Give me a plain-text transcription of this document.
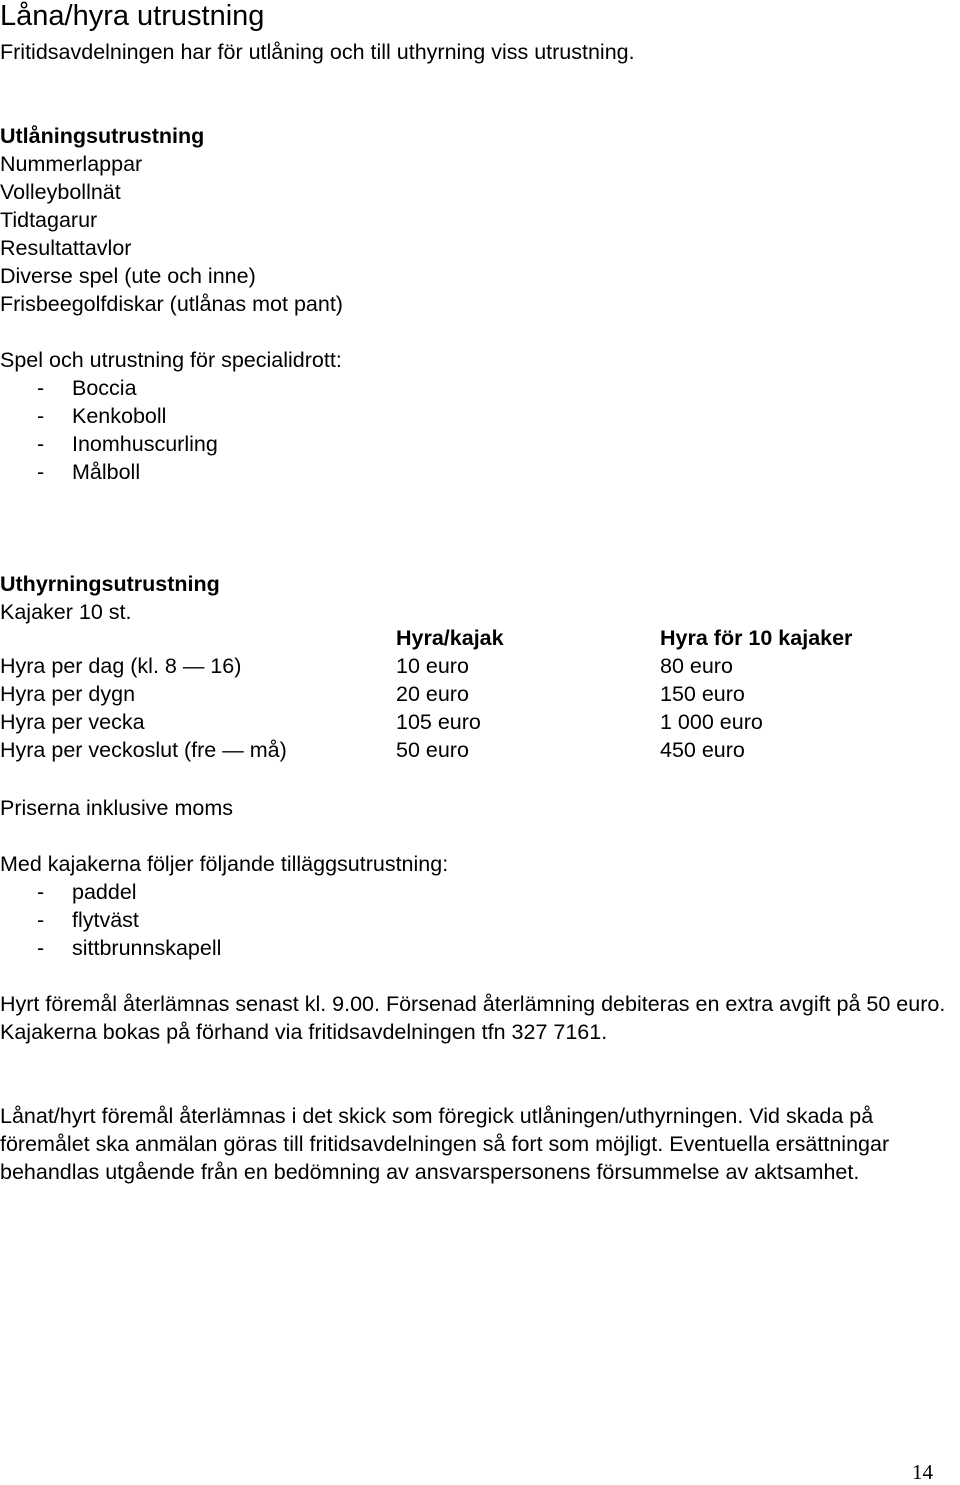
Låna/hyra utrustning
Fritidsavdelningen har för utlåning och till uthyrning viss utrustning.
Utlåningsutrustning
Nummerlappar
Volleybollnät
Tidtagarur
Resultattavlor
Diverse spel (ute och inne)
Frisbeegolfdiskar (utlånas mot pant)
Spel och utrustning för specialidrott:
- Boccia
- Kenkoboll
- Inomhuscurling
- Målboll
Uthyrningsutrustning
Kajaker 10 st.
	Hyra/kajak	Hyra för 10 kajaker
Hyra per dag (kl. 8 — 16)	10 euro	80 euro
Hyra per dygn	20 euro	150 euro
Hyra per vecka	105 euro	1 000 euro
Hyra per veckoslut (fre — må)	50 euro	450 euro
Priserna inklusive moms
Med kajakerna följer följande tilläggsutrustning:
- paddel
- flytväst
- sittbrunnskapell
Hyrt föremål återlämnas senast kl. 9.00. Försenad återlämning debiteras en extra avgift på 50 euro. Kajakerna bokas på förhand via fritidsavdelningen tfn 327 7161.
Lånat/hyrt föremål återlämnas i det skick som föregick utlåningen/uthyrningen. Vid skada på föremålet ska anmälan göras till fritidsavdelningen så fort som möjligt. Eventuella ersättningar behandlas utgående från en bedömning av ansvarspersonens försummelse av aktsamhet.
14
